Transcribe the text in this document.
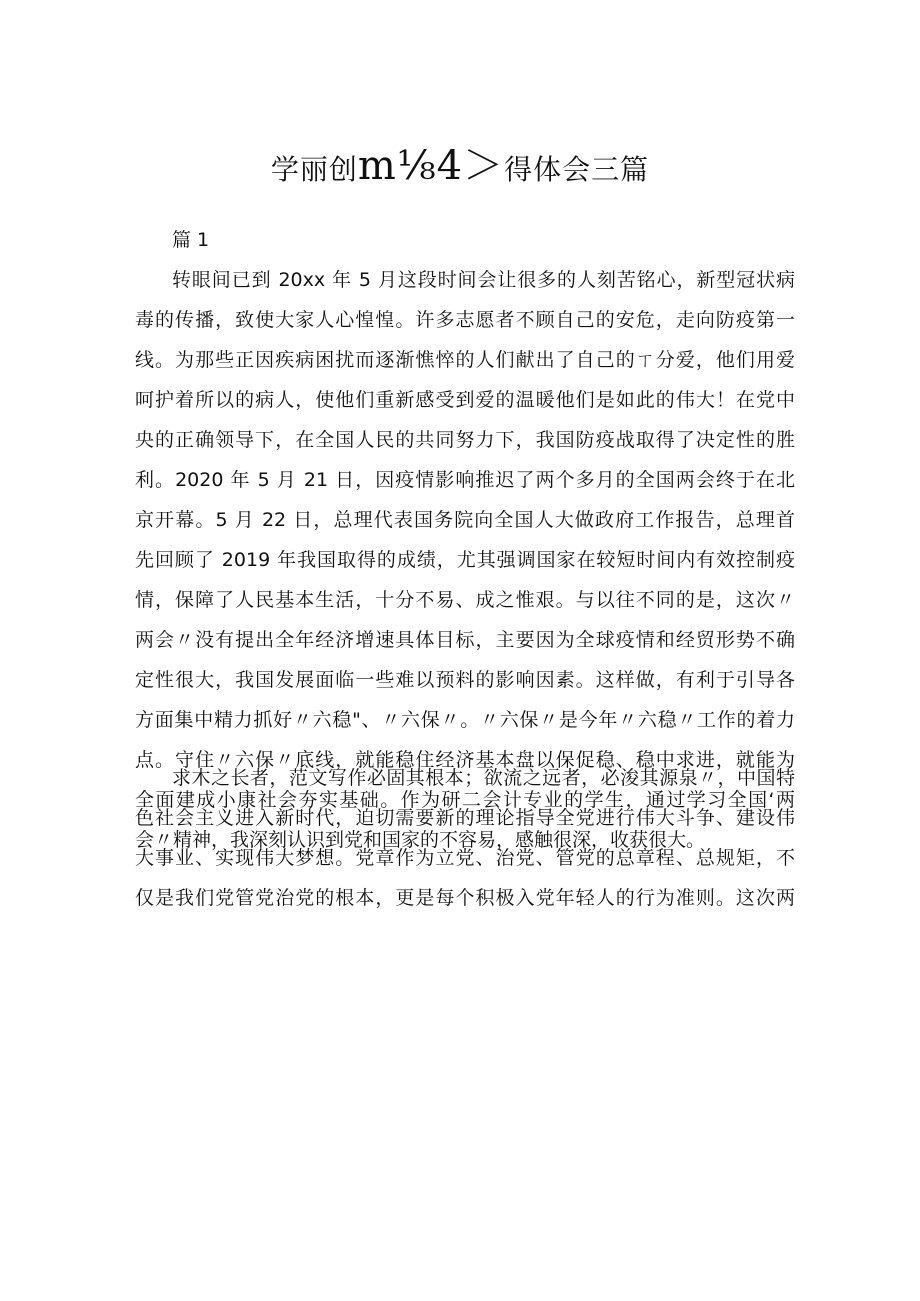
学丽创m⅛4＞得体会三篇

篇 1

转眼间已到 20xx 年 5 月这段时间会让很多的人刻苦铭心，新型冠状病
毒的传播，致使大家人心惶惶。许多志愿者不顾自己的安危，走向防疫第一
线。为那些正因疾病困扰而逐渐憔悴的人们献出了自己的ㄒ分爱，他们用爱
呵护着所以的病人，使他们重新感受到爱的温暖他们是如此的伟大！在党中
央的正确领导下，在全国人民的共同努力下，我国防疫战取得了决定性的胜
利。2020 年 5 月 21 日，因疫情影响推迟了两个多月的全国两会终于在北
京开幕。5 月 22 日，总理代表国务院向全国人大做政府工作报告，总理首
先回顾了 2019 年我国取得的成绩，尤其强调国家在较短时间内有效控制疫
情，保障了人民基本生活，十分不易、成之惟艰。与以往不同的是，这次〃
两会〃没有提出全年经济增速具体目标，主要因为全球疫情和经贸形势不确
定性很大，我国发展面临一些难以预料的影响因素。这样做，有利于引导各
方面集中精力抓好〃六稳"、〃六保〃。〃六保〃是今年〃六稳〃工作的着力
点。守住〃六保〃底线，就能稳住经济基本盘以保促稳、稳中求进，就能为
全面建成小康社会夯实基础。作为研二会计专业的学生，通过学习全国‘两
会〃精神，我深刻认识到党和国家的不容易，感触很深，收获很大。
求木之长者，范文写作必固其根本；欲流之远者，必浚其源泉〃，中国特
色社会主义进入新时代，迫切需要新的理论指导全党进行伟大斗争、建设伟
大事业、实现伟大梦想。党章作为立党、治党、管党的总章程、总规矩，不
仅是我们党管党治党的根本，更是每个积极入党年轻人的行为准则。这次两
